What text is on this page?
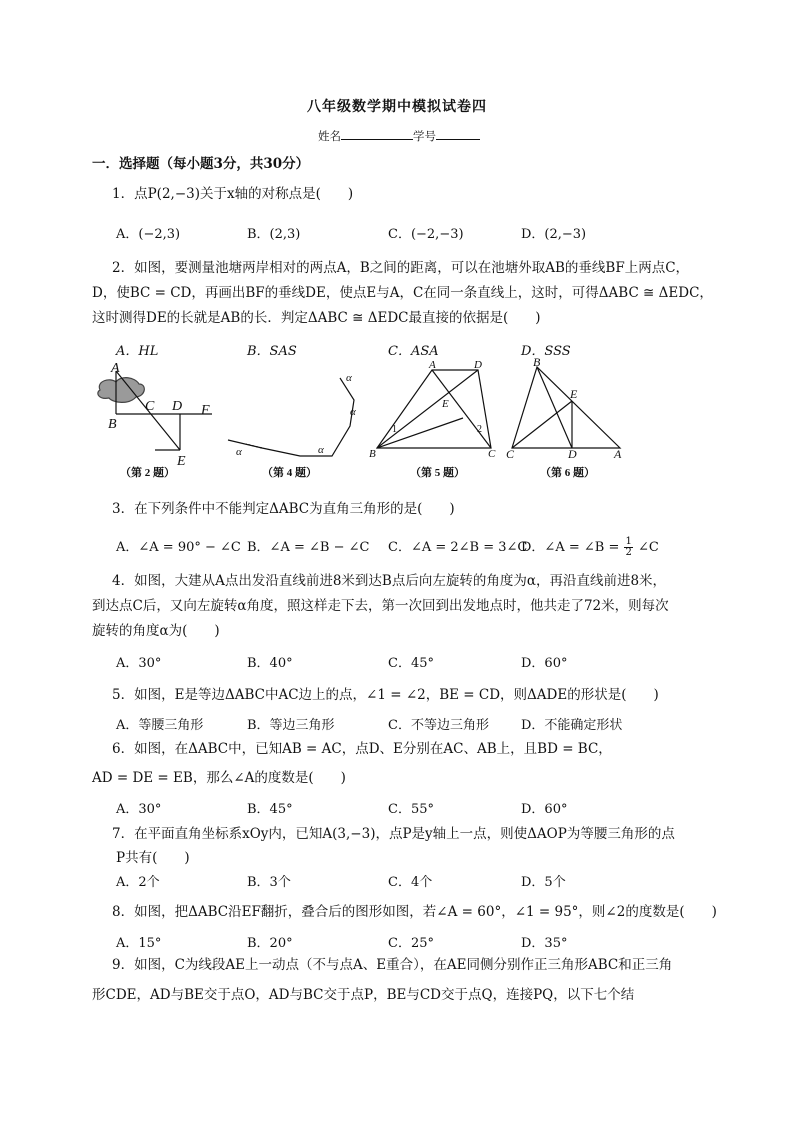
八年级数学期中模拟试卷四
姓名	学号
一．选择题（每小题3分，共30分）
1．点P(2,−3)关于x轴的对称点是(　　)
A．(−2,3)	B．(2,3)	C．(−2,−3)	D．(2,−3)
2．如图，要测量池塘两岸相对的两点A，B之间的距离，可以在池塘外取AB的垂线BF上两点C，
D，使BC = CD，再画出BF的垂线DE，使点E与A，C在同一条直线上，这时，可得ΔABC ≅ ΔEDC，
这时测得DE的长就是AB的长．判定ΔABC ≅ ΔEDC最直接的依据是(　　)
A．HL	B．SAS	C．ASA	D．SSS
A
B
C D F
E
α	α
α
α
A	D
E
1	2
B	C
B
E
C	D	A
（第 2 题）	（第 4 题）	（第 5 题）	（第 6 题）
3．在下列条件中不能判定ΔABC为直角三角形的是(　　)
A．∠A = 90° − ∠C B．∠A = ∠B − ∠C C．∠A = 2∠B = 3∠C
D．∠A = ∠B = $\frac{1}{2}$ ∠C
4．如图，大建从A点出发沿直线前进8米到达B点后向左旋转的角度为α，再沿直线前进8米，
到达点C后，又向左旋转α角度，照这样走下去，第一次回到出发地点时，他共走了72米，则每次
旋转的角度α为(　　)
A．30°	B．40°	C．45°	D．60°
5．如图，E是等边ΔABC中AC边上的点，∠1 = ∠2，BE = CD，则ΔADE的形状是(　　)
A．等腰三角形	B．等边三角形	C．不等边三角形 D．不能确定形状
6．如图，在ΔABC中，已知AB = AC，点D、E分别在AC、AB上，且BD = BC，
AD = DE = EB，那么∠A的度数是(　　)
A．30°	B．45°	C．55°	D．60°
7．在平面直角坐标系xOy内，已知A(3,−3)，点P是y轴上一点，则使ΔAOP为等腰三角形的点
P共有(　　)
A．2个	B．3个	C．4个	D．5个
8．如图，把ΔABC沿EF翻折，叠合后的图形如图，若∠A = 60°，∠1 = 95°，则∠2的度数是(　　)
A．15°	B．20°	C．25°	D．35°
9．如图，C为线段AE上一动点（不与点A、E重合），在AE同侧分别作正三角形ABC和正三角
形CDE，AD与BE交于点O，AD与BC交于点P，BE与CD交于点Q，连接PQ，以下七个结
